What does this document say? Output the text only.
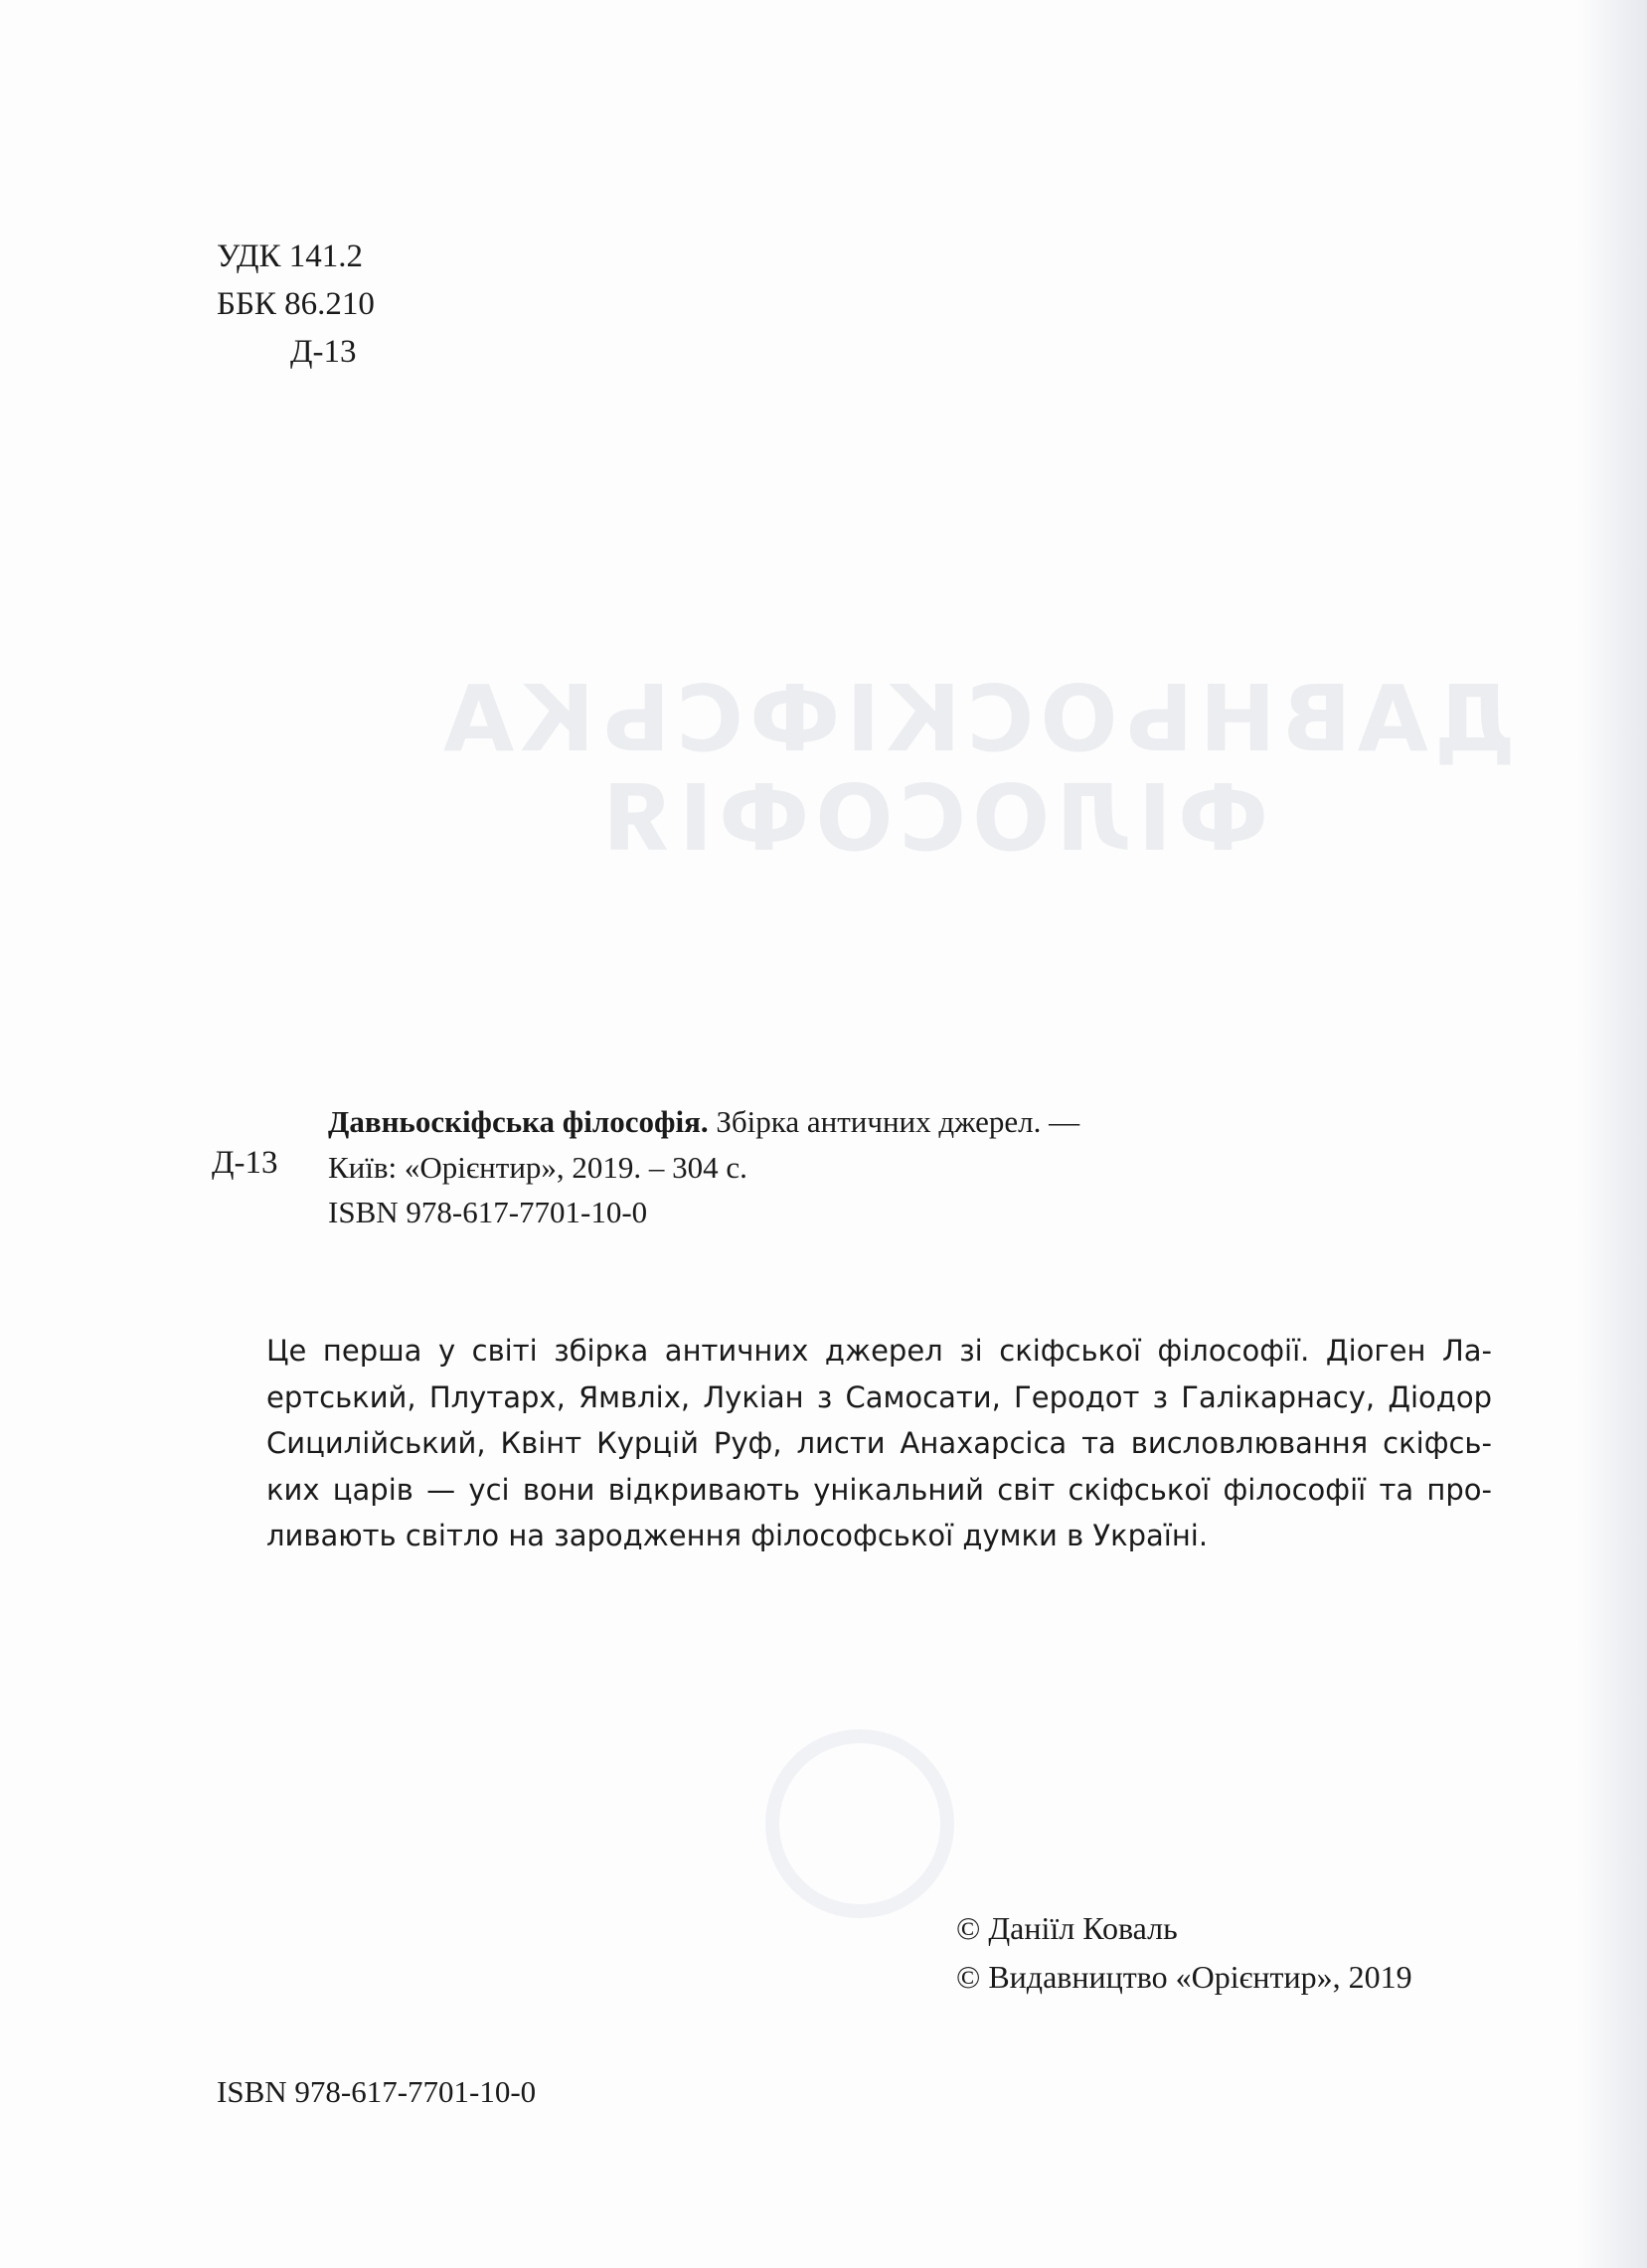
ДАВНЬОСКІФСЬКА
ФІЛОСОФІЯ
УДК 141.2
ББК 86.210
Д-13
Д-13
Давньоскіфська філософія. Збірка античних джерел. —
Київ: «Орієнтир», 2019. – 304 с.
ISBN 978-617-7701-10-0
Це перша у світі збірка античних джерел зі скіфської філософії. Діоген Ла-
ертський, Плутарх, Ямвліх, Лукіан з Самосати, Геродот з Галікарнасу, Діодор
Сицилійський, Квінт Курцій Руф, листи Анахарсіса та висловлювання скіфсь-
ких царів — усі вони відкривають унікальний світ скіфської філософії та про-
ливають світло на зародження філософської думки в Україні.
© Даніїл Коваль
© Видавництво «Орієнтир», 2019
ISBN 978-617-7701-10-0
